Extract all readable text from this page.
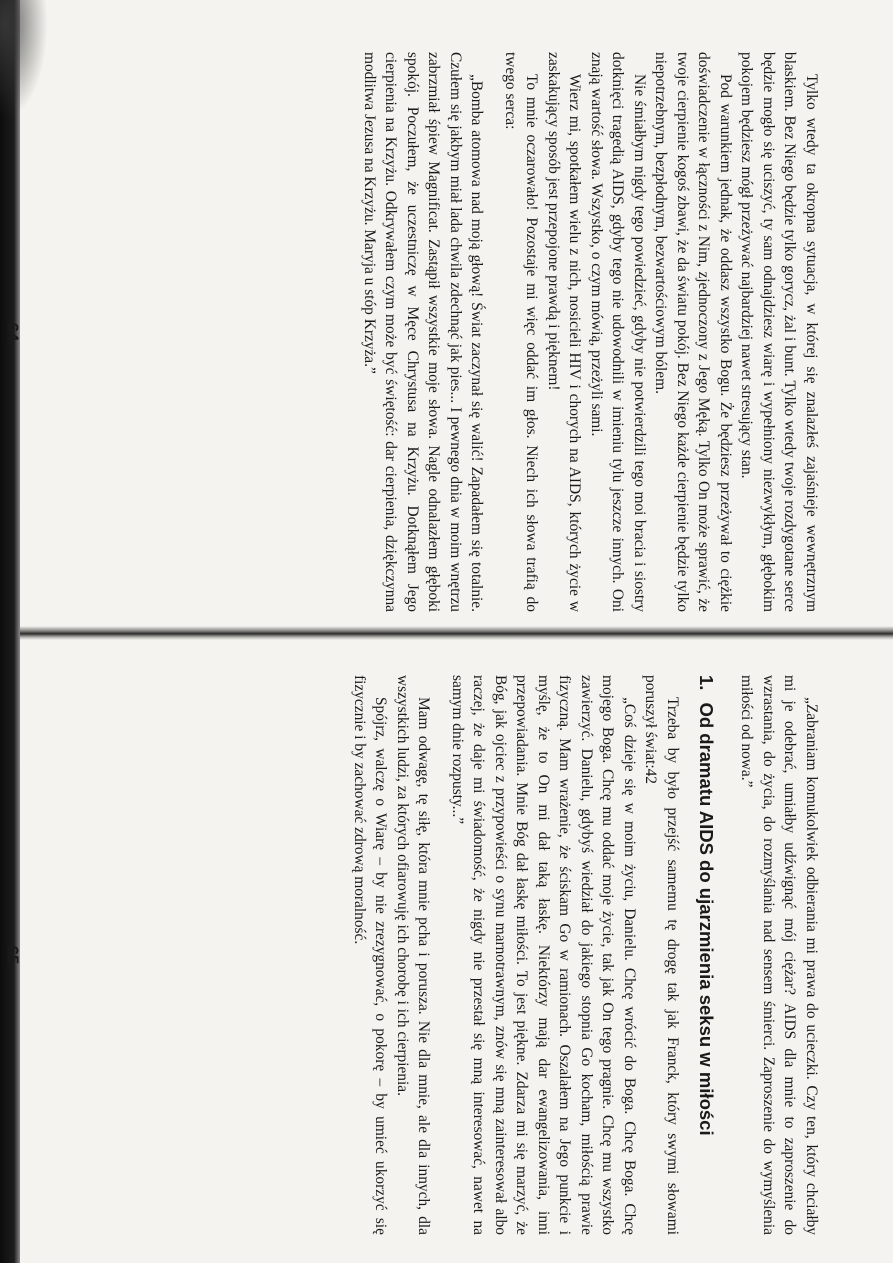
Tylko wtedy ta okropna sytuacja, w której się znalazłeś zajaśnieje wewnętrznym blaskiem. Bez Niego będzie tylko gorycz, żal i bunt. Tylko wtedy twoje rozdygotane serce będzie mogło się uciszyć, ty sam odnajdziesz wiarę i wypełniony niezwykłym, głębokim pokojem będziesz mógł przeżywać najbardziej nawet stresujący stan.

Pod warunkiem jednak, że oddasz wszystko Bogu. Że będziesz przeżywał to ciężkie doświadczenie w łączności z Nim, zjednoczony z Jego Męką. Tylko On może sprawić, że twoje cierpienie kogoś zbawi, że da światu pokój. Bez Niego każde cierpienie będzie tylko niepotrzebnym, bezpłodnym, bezwartościowym bólem.

Nie śmiałbym nigdy tego powiedzieć, gdyby nie potwierdzili tego moi bracia i siostry dotknięci tragedią AIDS, gdyby tego nie udowodnili w imieniu tylu jeszcze innych. Oni znają wartość słowa. Wszystko, o czym mówią, przeżyli sami.

Wierz mi, spotkałem wielu z nich, nosicieli HIV i chorych na AIDS, których życie w zaskakujący sposób jest przepojone prawdą i pięknem!

To mnie oczarowało! Pozostaje mi więc oddać im głos. Niech ich słowa trafią do twego serca:

„Bomba atomowa nad moją głową! Świat zaczynał się walić! Zapadałem się totalnie. Czułem się jakbym miał lada chwila zdechnąć jak pies... I pewnego dnia w moim wnętrzu zabrzmiał śpiew Magnificat. Zastąpił wszystkie moje słowa. Nagle odnalazłem głęboki spokój. Poczułem, że uczestniczę w Męce Chrystusa na Krzyżu. Dotknąłem Jego cierpienia na Krzyżu. Odkrywałem czym może być świętość: dar cierpienia, dziękczynna modlitwa Jezusa na Krzyżu. Maryja u stóp Krzyża.”

64

„Zabraniam komukolwiek odbierania mi prawa do ucieczki. Czy ten, który chciałby mi je odebrać, umiałby udźwignąć mój ciężar? AIDS dla mnie to zaproszenie do wzrastania, do życia, do rozmyślania nad sensem śmierci. Zaproszenie do wymyślenia miłości od nowa.”

1.
Od dramatu AIDS do ujarzmienia seksu w miłości

Trzeba by było przejść samemu tę drogę tak jak Franck, który swymi słowami poruszył świat:42

„Coś dzieje się w moim życiu, Danielu. Chcę wrócić do Boga. Chcę Boga. Chcę mojego Boga. Chcę mu oddać moje życie, tak jak On tego pragnie. Chcę mu wszystko zawierzyć. Danielu, gdybyś wiedział do jakiego stopnia Go kocham, miłością prawie fizyczną. Mam wrażenie, że ściskam Go w ramionach. Oszalałem na Jego punkcie i myślę, że to On mi dał taką łaskę. Niektórzy mają dar ewangelizowania, inni przepowiadania. Mnie Bóg dał łaskę miłości. To jest piękne. Zdarza mi się marzyć, że Bóg, jak ojciec z przypowieści o synu marnotrawnym, znów się mną zainteresował albo raczej, że daje mi świadomość, że nigdy nie przestał się mną interesować, nawet na samym dnie rozpusty...”

Mam odwagę, tę siłę, która mnie pcha i porusza. Nie dla mnie, ale dla innych, dla wszystkich ludzi, za których ofiarowuję ich chorobę i ich cierpienia.

Spójrz, walczę o Wiarę – by nie zrezygnować, o pokorę – by umieć ukorzyć się fizycznie i by zachować zdrową moralność.

65
